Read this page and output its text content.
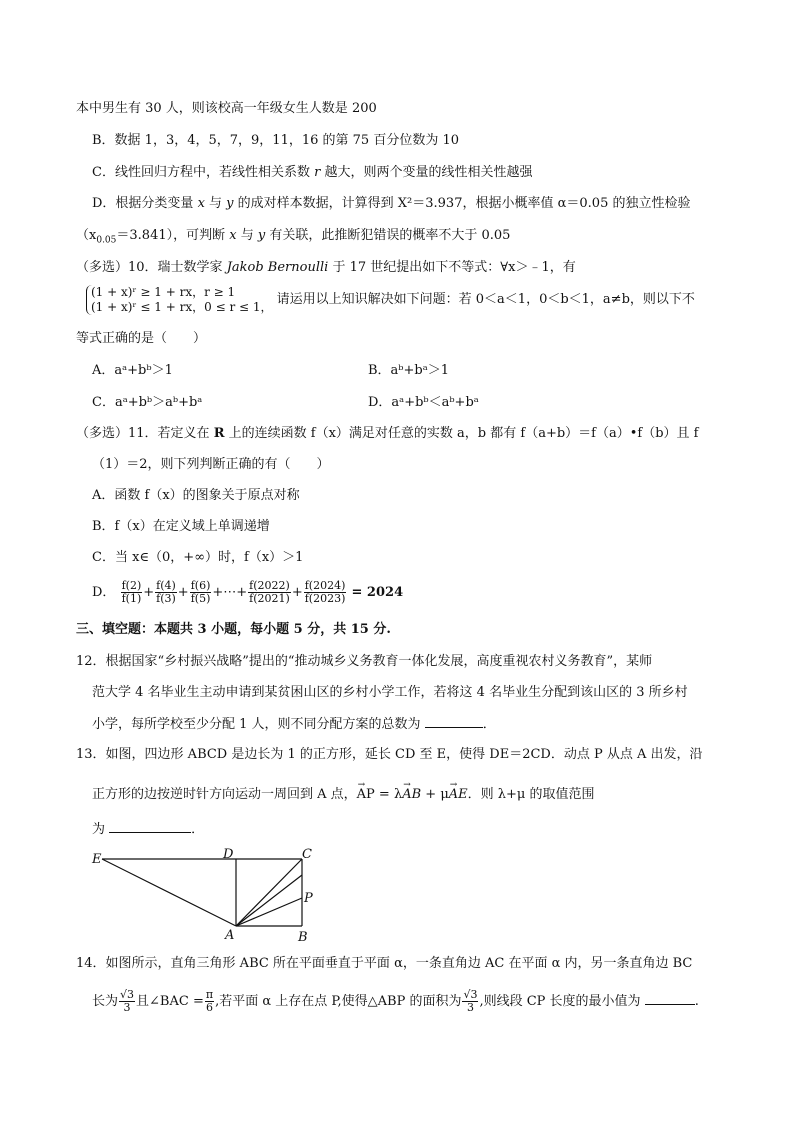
本中男生有 30 人，则该校高一年级女生人数是 200
B．数据 1，3，4，5，7，9，11，16 的第 75 百分位数为 10
C．线性回归方程中，若线性相关系数 r 越大，则两个变量的线性相关性越强
D．根据分类变量 x 与 y 的成对样本数据，计算得到 Χ²＝3.937，根据小概率值 α＝0.05 的独立性检验
$(x_{0.05}=3.841)$，可判断 x 与 y 有关联，此推断犯错误的概率不大于 0.05
（多选）10．瑞士数学家 Jakob Bernoulli 于 17 世纪提出如下不等式：∀x＞﹣1，有
(1 + x)ʳ ≥ 1 + rx，r ≥ 1
(1 + x)ʳ ≤ 1 + rx，0 ≤ r ≤ 1， 请运用以上知识解决如下问题：若 0＜a＜1，0＜b＜1，a≠b，则以下不
等式正确的是（　　）
A．aᵃ+bᵇ＞1	B．aᵇ+bᵃ＞1
C．aᵃ+bᵇ＞aᵇ+bᵃ	D．aᵃ+bᵇ＜aᵇ+bᵃ
（多选）11．若定义在 R 上的连续函数 f（x）满足对任意的实数 a，b 都有 f（a+b）＝f（a）•f（b）且 f
（1）＝2，则下列判断正确的有（　　）
A．函数 f（x）的图象关于原点对称
B．f（x）在定义域上单调递增
C．当 x∈（0，+∞）时，f（x）＞1
D． $\frac{f(2)}{f(1)} + \frac{f(4)}{f(3)} + \frac{f(6)}{f(5)}$ +⋯+ $\frac{f(2022)}{f(2021)} + \frac{f(2024)}{f(2023)} = 2024$
三、填空题：本题共 3 小题，每小题 5 分，共 15 分.
12．根据国家“乡村振兴战略”提出的“推动城乡义务教育一体化发展，高度重视农村义务教育”，某师
范大学 4 名毕业生主动申请到某贫困山区的乡村小学工作，若将这 4 名毕业生分配到该山区的 3 所乡村
小学，每所学校至少分配 1 人，则不同分配方案的总数为	．
13．如图，四边形 ABCD 是边长为 1 的正方形，延长 CD 至 E，使得 DE＝2CD．动点 P 从点 A 出发，沿
正方形的边按逆时针方向运动一周回到 A 点，→ AP = λ→ AB + μ→ AE．则 λ+μ 的取值范围
为	．
E	D	C
P
A	B
14．如图所示，直角三角形 ABC 所在平面垂直于平面 α，一条直角边 AC 在平面 α 内，另一条直角边 BC
长为 $\frac{√3}{3}$ 且∠BAC = $\frac{\pi}{6}$ ,若平面 α 上存在点 P,使得△ABP 的面积为 $\frac{√3}{3}$ ,则线段 CP 长度的最小值为	.
